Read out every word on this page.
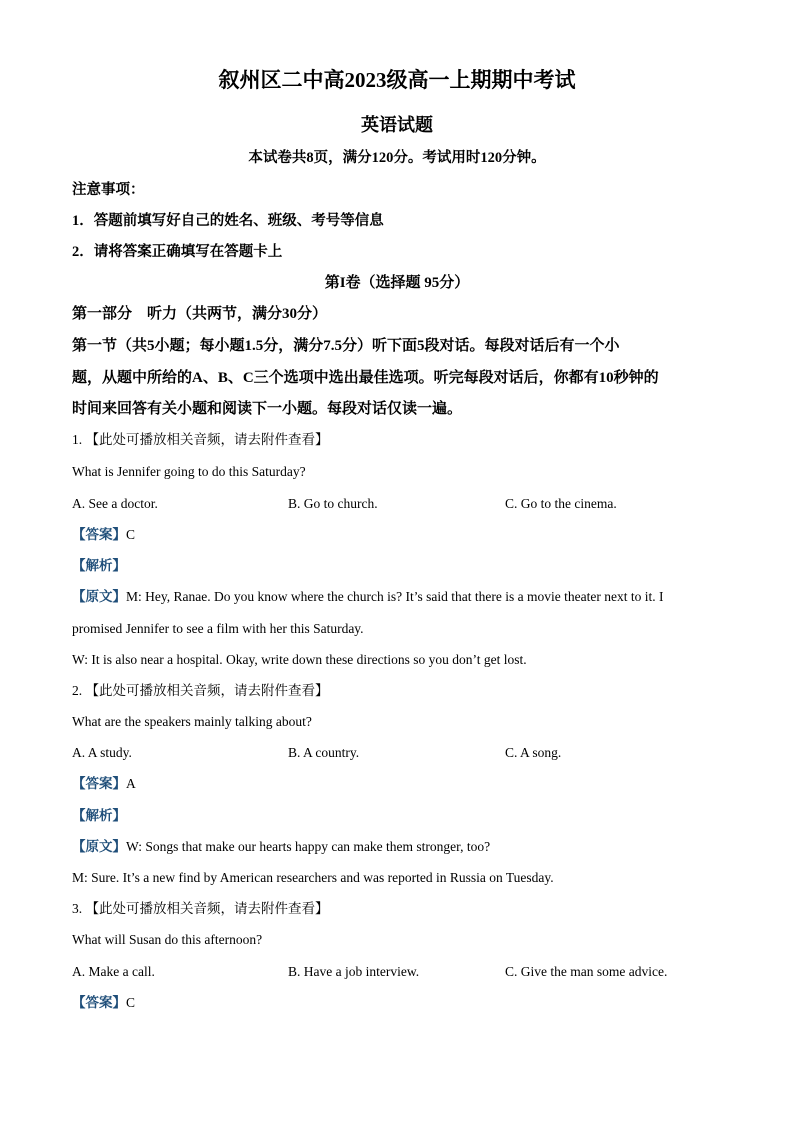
叙州区二中高2023级高一上期期中考试
英语试题
本试卷共8页，满分120分。考试用时120分钟。
注意事项：
1．答题前填写好自己的姓名、班级、考号等信息
2．请将答案正确填写在答题卡上
第I卷（选择题 95分）
第一部分　听力（共两节，满分30分）
第一节（共5小题；每小题1.5分，满分7.5分）听下面5段对话。每段对话后有一个小
题，从题中所给的A、B、C三个选项中选出最佳选项。听完每段对话后，你都有10秒钟的
时间来回答有关小题和阅读下一小题。每段对话仅读一遍。
1. 【此处可播放相关音频，请去附件查看】
What is Jennifer going to do this Saturday?
A. See a doctor.	B. Go to church.	C. Go to the cinema.
【答案】C
【解析】
【原文】M: Hey, Ranae. Do you know where the church is? It’s said that there is a movie theater next to it. I
promised Jennifer to see a film with her this Saturday.
W: It is also near a hospital. Okay, write down these directions so you don’t get lost.
2. 【此处可播放相关音频，请去附件查看】
What are the speakers mainly talking about?
A. A study.	B. A country.	C. A song.
【答案】A
【解析】
【原文】W: Songs that make our hearts happy can make them stronger, too?
M: Sure. It’s a new find by American researchers and was reported in Russia on Tuesday.
3. 【此处可播放相关音频，请去附件查看】
What will Susan do this afternoon?
A. Make a call.	B. Have a job interview.	C. Give the man some advice.
【答案】C
